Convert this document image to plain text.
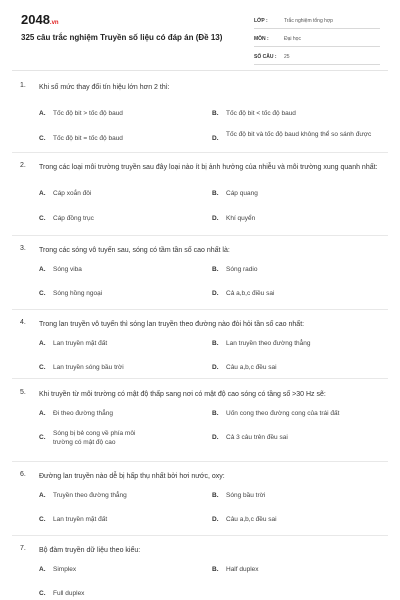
2048.vn
325 câu trắc nghiệm Truyền số liệu có đáp án (Đề 13)
LỚP :	Trắc nghiệm tổng hợp
MÔN :	Đại học
SỐ CÂU :	25
1. Khi số mức thay đổi tín hiệu lớn hơn 2 thì:
A. Tốc độ bit > tốc độ baud	B. Tốc độ bit < tốc độ baud
C. Tốc độ bit = tốc độ baud	D.
Tốc độ bit và tốc độ baud không thể so sánh được
2. Trong các loại môi trường truyền sau đây loại nào ít bị ảnh hưởng của nhiễu và môi trường xung quanh nhất:
A. Cáp xoắn đôi	B. Cáp quang
C. Cáp đồng trục	D. Khí quyển
3. Trong các sóng vô tuyến sau, sóng có tầm tần số cao nhất là:
A. Sóng viba	B. Sóng radio
C. Sóng hồng ngoại	D. Cả a,b,c điều sai
4. Trong lan truyền vô tuyến thì sóng lan truyền theo đường nào đòi hỏi tần số cao nhất:
A. Lan truyền mặt đất	B. Lan truyền theo đường thẳng
C. Lan truyền sóng bầu trời	D. Câu a,b,c đều sai
5. Khi truyền từ môi trường có mật độ thấp sang nơi có mật độ cao sóng có tầng số >30 Hz sẽ:
A. Đi theo đường thẳng	B. Uốn cong theo đường cong của trái đất
C.
Sóng bị bẻ cong về phía môi trường có mật độ cao
D. Cả 3 câu trên đều sai
6. Đường lan truyền nào dễ bị hấp thụ nhất bởi hơi nước, oxy:
A. Truyền theo đường thẳng	B. Sóng bầu trời
C. Lan truyền mặt đất	D. Câu a,b,c đều sai
7. Bộ đàm truyền dữ liệu theo kiểu:
A. Simplex	B. Half duplex
C. Full duplex
